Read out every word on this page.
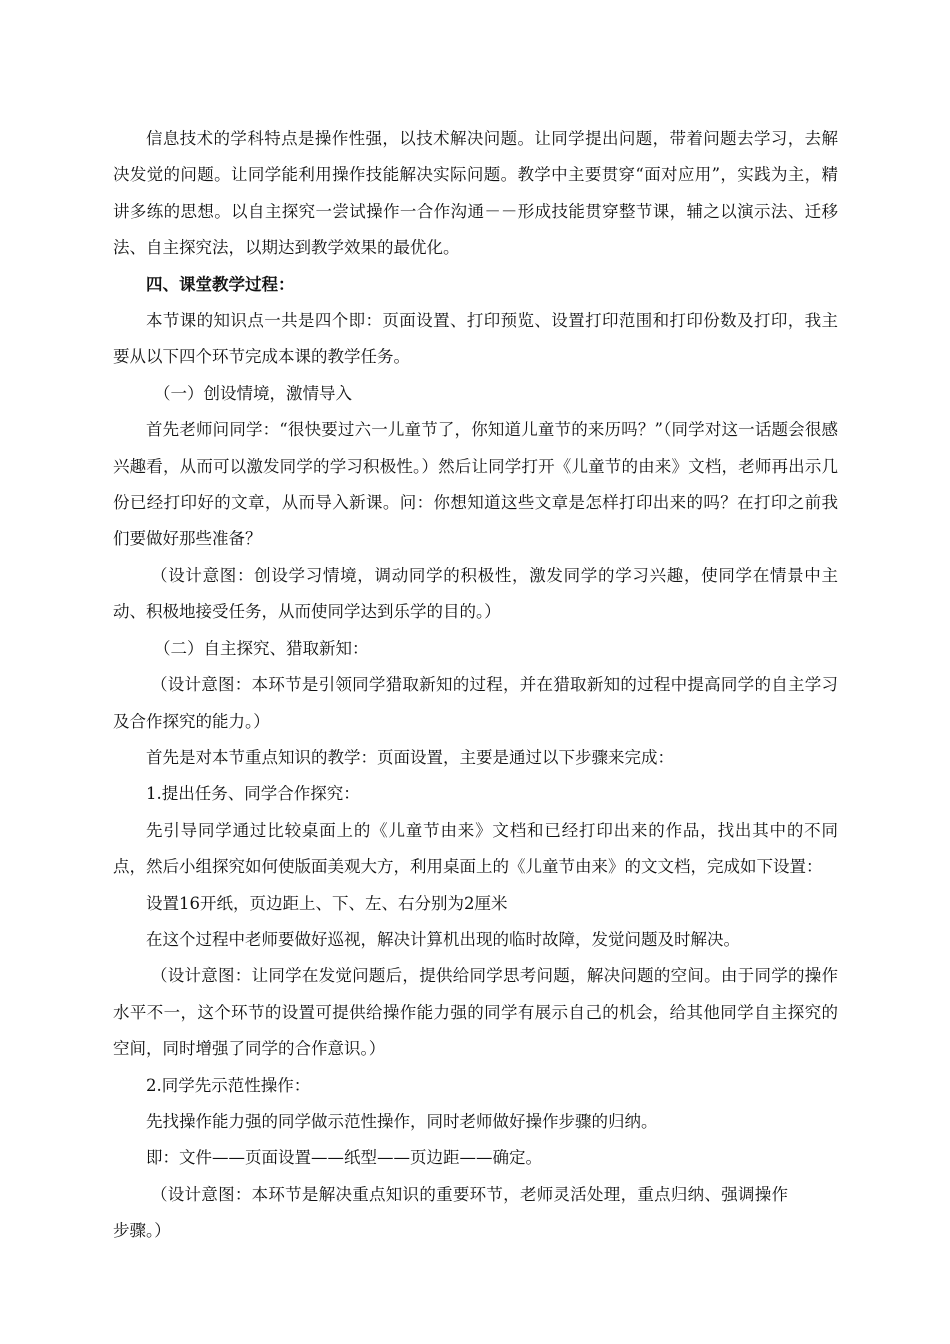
信息技术的学科特点是操作性强，以技术解决问题。让同学提出问题，带着问题去学习，去解决发觉的问题。让同学能利用操作技能解决实际问题。教学中主要贯穿“面对应用”，实践为主，精讲多练的思想。以自主探究一尝试操作一合作沟通－－形成技能贯穿整节课，辅之以演示法、迁移法、自主探究法，以期达到教学效果的最优化。

四、课堂教学过程：

本节课的知识点一共是四个即：页面设置、打印预览、设置打印范围和打印份数及打印，我主要从以下四个环节完成本课的教学任务。

（一）创设情境，激情导入

首先老师问同学：“很快要过六一儿童节了，你知道儿童节的来历吗？”（同学对这一话题会很感兴趣看，从而可以激发同学的学习积极性。）然后让同学打开《儿童节的由来》文档，老师再出示几份已经打印好的文章，从而导入新课。问：你想知道这些文章是怎样打印出来的吗？在打印之前我们要做好那些准备？

（设计意图：创设学习情境，调动同学的积极性，激发同学的学习兴趣，使同学在情景中主动、积极地接受任务，从而使同学达到乐学的目的。）

（二）自主探究、猎取新知：

（设计意图：本环节是引领同学猎取新知的过程，并在猎取新知的过程中提高同学的自主学习及合作探究的能力。）

首先是对本节重点知识的教学：页面设置，主要是通过以下步骤来完成：

1.提出任务、同学合作探究：

先引导同学通过比较桌面上的《儿童节由来》文档和已经打印出来的作品，找出其中的不同点，然后小组探究如何使版面美观大方，利用桌面上的《儿童节由来》的文文档，完成如下设置：

设置16开纸，页边距上、下、左、右分别为2厘米

在这个过程中老师要做好巡视，解决计算机出现的临时故障，发觉问题及时解决。

（设计意图：让同学在发觉问题后，提供给同学思考问题，解决问题的空间。由于同学的操作水平不一，这个环节的设置可提供给操作能力强的同学有展示自己的机会，给其他同学自主探究的空间，同时增强了同学的合作意识。）

2.同学先示范性操作：

先找操作能力强的同学做示范性操作，同时老师做好操作步骤的归纳。

即：文件——页面设置——纸型——页边距——确定。

（设计意图：本环节是解决重点知识的重要环节，老师灵活处理，重点归纳、强调操作步骤。）
